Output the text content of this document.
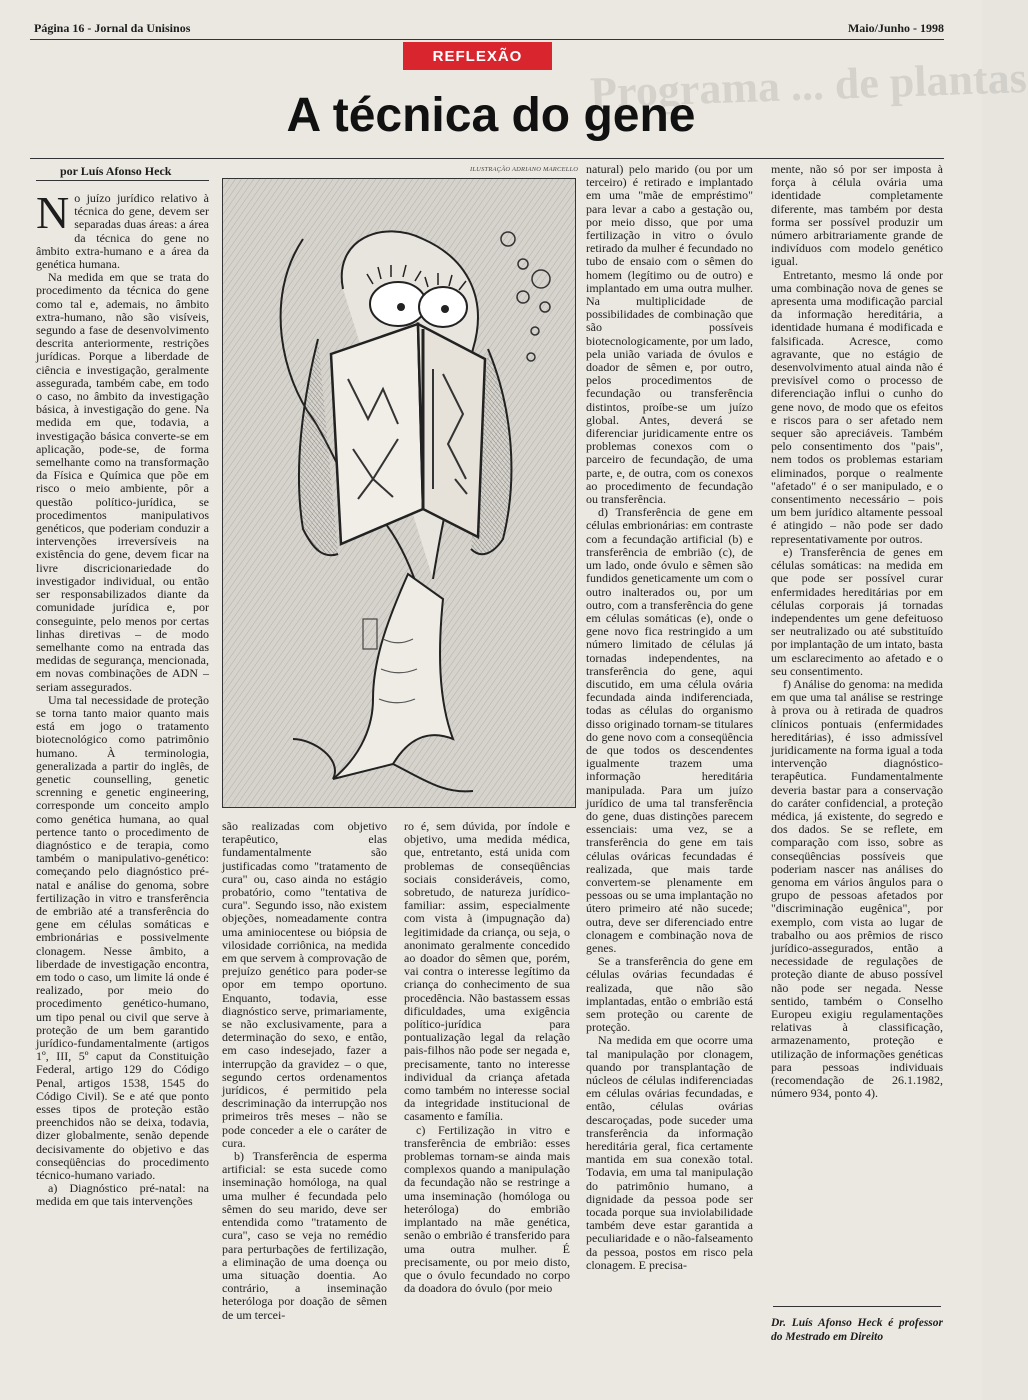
Página 16 - Jornal da Unisinos	Maio/Junho - 1998
Programa ... de plantas
REFLEXÃO
A técnica do gene
por Luís Afonso Heck	ILUSTRAÇÃO ADRIANO MARCELLO

No juízo jurídico relativo à técnica do gene, devem ser separadas duas áreas: a área da técnica do gene no âmbito extra-humano e a área da genética humana.

Na medida em que se trata do procedimento da técnica do gene como tal e, ademais, no âmbito extra-humano, não são visíveis, segundo a fase de desenvolvimento descrita anteriormente, restrições jurídicas. Porque a liberdade de ciência e investigação, geralmente assegurada, também cabe, em todo o caso, no âmbito da investigação básica, à investigação do gene. Na medida em que, todavia, a investigação básica converte-se em aplicação, pode-se, de forma semelhante como na transformação da Física e Química que põe em risco o meio ambiente, pôr a questão político-jurídica, se procedimentos manipulativos genéticos, que poderiam conduzir a intervenções irreversíveis na existência do gene, devem ficar na livre discricionariedade do investigador individual, ou então ser responsabilizados diante da comunidade jurídica e, por conseguinte, pelo menos por certas linhas diretivas – de modo semelhante como na entrada das medidas de segurança, mencionada, em novas combinações de ADN – seriam assegurados.

Uma tal necessidade de proteção se torna tanto maior quanto mais está em jogo o tratamento biotecnológico como patrimônio humano. À terminologia, generalizada a partir do inglês, de genetic counselling, genetic screnning e genetic engineering, corresponde um conceito amplo como genética humana, ao qual pertence tanto o procedimento de diagnóstico e de terapia, como também o manipulativo-genético: começando pelo diagnóstico pré-natal e análise do genoma, sobre fertilização in vitro e transferência de embrião até a transferência do gene em células somáticas e embrionárias e possivelmente clonagem. Nesse âmbito, a liberdade de investigação encontra, em todo o caso, um limite lá onde é realizado, por meio do procedimento genético-humano, um tipo penal ou civil que serve à proteção de um bem garantido jurídico-fundamentalmente (artigos 1º, III, 5º caput da Constituição Federal, artigo 129 do Código Penal, artigos 1538, 1545 do Código Civil). Se e até que ponto esses tipos de proteção estão preenchidos não se deixa, todavia, dizer globalmente, senão depende decisivamente do objetivo e das conseqüências do procedimento técnico-humano variado.

a) Diagnóstico pré-natal: na medida em que tais intervenções

são realizadas com objetivo terapêutico, elas fundamentalmente são justificadas como "tratamento de cura" ou, caso ainda no estágio probatório, como "tentativa de cura". Segundo isso, não existem objeções, nomeadamente contra uma aminiocentese ou biópsia de vilosidade corriônica, na medida em que servem à comprovação de prejuízo genético para poder-se opor em tempo oportuno. Enquanto, todavia, esse diagnóstico serve, primariamente, se não exclusivamente, para a determinação do sexo, e então, em caso indesejado, fazer a interrupção da gravidez – o que, segundo certos ordenamentos jurídicos, é permitido pela descriminação da interrupção nos primeiros três meses – não se pode conceder a ele o caráter de cura.

b) Transferência de esperma artificial: se esta sucede como inseminação homóloga, na qual uma mulher é fecundada pelo sêmen do seu marido, deve ser entendida como "tratamento de cura", caso se veja no remédio para perturbações de fertilização, a eliminação de uma doença ou uma situação doentia. Ao contrário, a inseminação heteróloga por doação de sêmen de um tercei-

ro é, sem dúvida, por índole e objetivo, uma medida médica, que, entretanto, está unida com problemas de conseqüências sociais consideráveis, como, sobretudo, de natureza jurídico-familiar: assim, especialmente com vista à (impugnação da) legitimidade da criança, ou seja, o anonimato geralmente concedido ao doador do sêmen que, porém, vai contra o interesse legítimo da criança do conhecimento de sua procedência. Não bastassem essas dificuldades, uma exigência político-jurídica para pontualização legal da relação pais-filhos não pode ser negada e, precisamente, tanto no interesse individual da criança afetada como também no interesse social da integridade institucional de casamento e família.

c) Fertilização in vitro e transferência de embrião: esses problemas tornam-se ainda mais complexos quando a manipulação da fecundação não se restringe a uma inseminação (homóloga ou heteróloga) do embrião implantado na mãe genética, senão o embrião é transferido para uma outra mulher. É precisamente, ou por meio disto, que o óvulo fecundado no corpo da doadora do óvulo (por meio

natural) pelo marido (ou por um terceiro) é retirado e implantado em uma "mãe de empréstimo" para levar a cabo a gestação ou, por meio disso, que por uma fertilização in vitro o óvulo retirado da mulher é fecundado no tubo de ensaio com o sêmen do homem (legítimo ou de outro) e implantado em uma outra mulher. Na multiplicidade de possibilidades de combinação que são possíveis biotecnologicamente, por um lado, pela união variada de óvulos e doador de sêmen e, por outro, pelos procedimentos de fecundação ou transferência distintos, proíbe-se um juízo global. Antes, deverá se diferenciar juridicamente entre os problemas conexos com o parceiro de fecundação, de uma parte, e, de outra, com os conexos ao procedimento de fecundação ou transferência.

d) Transferência de gene em células embrionárias: em contraste com a fecundação artificial (b) e transferência de embrião (c), de um lado, onde óvulo e sêmen são fundidos geneticamente um com o outro inalterados ou, por um outro, com a transferência do gene em células somáticas (e), onde o gene novo fica restringido a um número limitado de células já tornadas independentes, na transferência do gene, aqui discutido, em uma célula ovária fecundada ainda indiferenciada, todas as células do organismo disso originado tornam-se titulares do gene novo com a conseqüência de que todos os descendentes igualmente trazem uma informação hereditária manipulada. Para um juízo jurídico de uma tal transferência do gene, duas distinções parecem essenciais: uma vez, se a transferência do gene em tais células ováricas fecundadas é realizada, que mais tarde convertem-se plenamente em pessoas ou se uma implantação no útero primeiro até não sucede; outra, deve ser diferenciado entre clonagem e combinação nova de genes.

Se a transferência do gene em células ovárias fecundadas é realizada, que não são implantadas, então o embrião está sem proteção ou carente de proteção.

Na medida em que ocorre uma tal manipulação por clonagem, quando por transplantação de núcleos de células indiferenciadas em células ovárias fecundadas, e então, células ovárias descaroçadas, pode suceder uma transferência da informação hereditária geral, fica certamente mantida em sua conexão total. Todavia, em uma tal manipulação do patrimônio humano, a dignidade da pessoa pode ser tocada porque sua inviolabilidade também deve estar garantida a peculiaridade e o não-falseamento da pessoa, postos em risco pela clonagem. E precisa-

mente, não só por ser imposta à força à célula ovária uma identidade completamente diferente, mas também por desta forma ser possível produzir um número arbitrariamente grande de indivíduos com modelo genético igual.

Entretanto, mesmo lá onde por uma combinação nova de genes se apresenta uma modificação parcial da informação hereditária, a identidade humana é modificada e falsificada. Acresce, como agravante, que no estágio de desenvolvimento atual ainda não é previsível como o processo de diferenciação influi o cunho do gene novo, de modo que os efeitos e riscos para o ser afetado nem sequer são apreciáveis. Também pelo consentimento dos "pais", nem todos os problemas estariam eliminados, porque o realmente "afetado" é o ser manipulado, e o consentimento necessário – pois um bem jurídico altamente pessoal é atingido – não pode ser dado representativamente por outros.

e) Transferência de genes em células somáticas: na medida em que pode ser possível curar enfermidades hereditárias por em células corporais já tornadas independentes um gene defeituoso ser neutralizado ou até substituído por implantação de um intato, basta um esclarecimento ao afetado e o seu consentimento.

f) Análise do genoma: na medida em que uma tal análise se restringe à prova ou à retirada de quadros clínicos pontuais (enfermidades hereditárias), é isso admissível juridicamente na forma igual a toda intervenção diagnóstico-terapêutica. Fundamentalmente deveria bastar para a conservação do caráter confidencial, a proteção médica, já existente, do segredo e dos dados. Se se reflete, em comparação com isso, sobre as conseqüências possíveis que poderiam nascer nas análises do genoma em vários ângulos para o grupo de pessoas afetados por "discriminação eugênica", por exemplo, com vista ao lugar de trabalho ou aos prêmios de risco jurídico-assegurados, então a necessidade de regulações de proteção diante de abuso possível não pode ser negada. Nesse sentido, também o Conselho Europeu exigiu regulamentações relativas à classificação, armazenamento, proteção e utilização de informações genéticas para pessoas individuais (recomendação de 26.1.1982, número 934, ponto 4).

Dr. Luís Afonso Heck é professor do Mestrado em Direito
